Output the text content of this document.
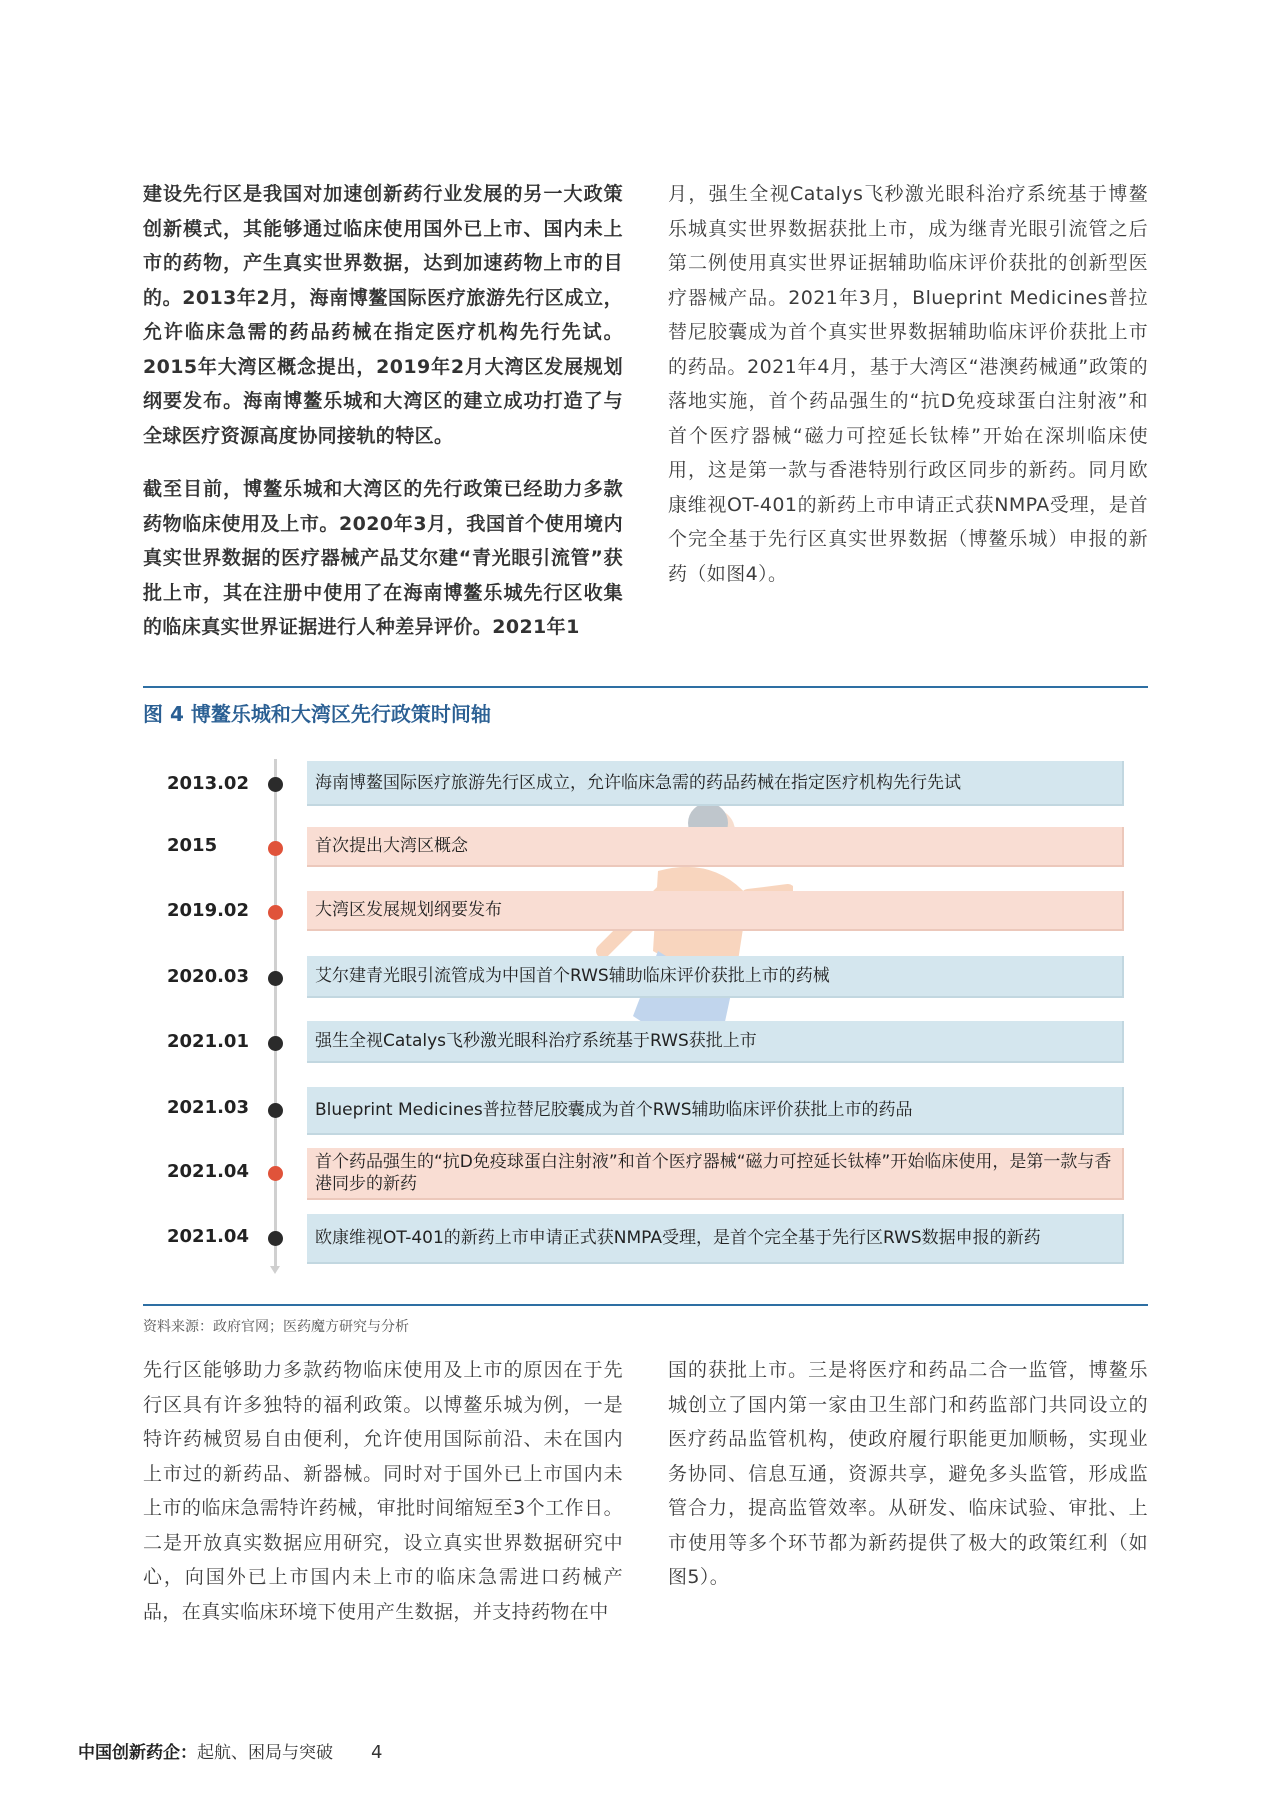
建设先行区是我国对加速创新药行业发展的另一大政策创新模式，其能够通过临床使用国外已上市、国内未上市的药物，产生真实世界数据，达到加速药物上市的目的。2013年2月，海南博鳌国际医疗旅游先行区成立，允许临床急需的药品药械在指定医疗机构先行先试。2015年大湾区概念提出，2019年2月大湾区发展规划纲要发布。海南博鳌乐城和大湾区的建立成功打造了与全球医疗资源高度协同接轨的特区。

截至目前，博鳌乐城和大湾区的先行政策已经助力多款药物临床使用及上市。2020年3月，我国首个使用境内真实世界数据的医疗器械产品艾尔建“青光眼引流管”获批上市，其在注册中使用了在海南博鳌乐城先行区收集的临床真实世界证据进行人种差异评价。2021年1

月，强生全视Catalys飞秒激光眼科治疗系统基于博鳌乐城真实世界数据获批上市，成为继青光眼引流管之后第二例使用真实世界证据辅助临床评价获批的创新型医疗器械产品。2021年3月，Blueprint Medicines普拉替尼胶囊成为首个真实世界数据辅助临床评价获批上市的药品。2021年4月，基于大湾区“港澳药械通”政策的落地实施，首个药品强生的“抗D免疫球蛋白注射液”和首个医疗器械“磁力可控延长钛棒”开始在深圳临床使用，这是第一款与香港特别行政区同步的新药。同月欧康维视OT-401的新药上市申请正式获NMPA受理，是首个完全基于先行区真实世界数据（博鳌乐城）申报的新药（如图4）。

图 4 博鳌乐城和大湾区先行政策时间轴
2013.02	海南博鳌国际医疗旅游先行区成立，允许临床急需的药品药械在指定医疗机构先行先试
2015	首次提出大湾区概念
2019.02	大湾区发展规划纲要发布
2020.03	艾尔建青光眼引流管成为中国首个RWS辅助临床评价获批上市的药械
2021.01	强生全视Catalys飞秒激光眼科治疗系统基于RWS获批上市
2021.03	Blueprint Medicines普拉替尼胶囊成为首个RWS辅助临床评价获批上市的药品
2021.04	首个药品强生的“抗D免疫球蛋白注射液”和首个医疗器械“磁力可控延长钛棒”开始临床使用，是第一款与香港同步的新药
2021.04	欧康维视OT-401的新药上市申请正式获NMPA受理，是首个完全基于先行区RWS数据申报的新药
资料来源：政府官网；医药魔方研究与分析

先行区能够助力多款药物临床使用及上市的原因在于先行区具有许多独特的福利政策。以博鳌乐城为例，一是特许药械贸易自由便利，允许使用国际前沿、未在国内上市过的新药品、新器械。同时对于国外已上市国内未上市的临床急需特许药械，审批时间缩短至3个工作日。二是开放真实数据应用研究，设立真实世界数据研究中心，向国外已上市国内未上市的临床急需进口药械产品，在真实临床环境下使用产生数据，并支持药物在中

国的获批上市。三是将医疗和药品二合一监管，博鳌乐城创立了国内第一家由卫生部门和药监部门共同设立的医疗药品监管机构，使政府履行职能更加顺畅，实现业务协同、信息互通，资源共享，避免多头监管，形成监管合力，提高监管效率。从研发、临床试验、审批、上市使用等多个环节都为新药提供了极大的政策红利（如图5）。

中国创新药企：起航、困局与突破 4
